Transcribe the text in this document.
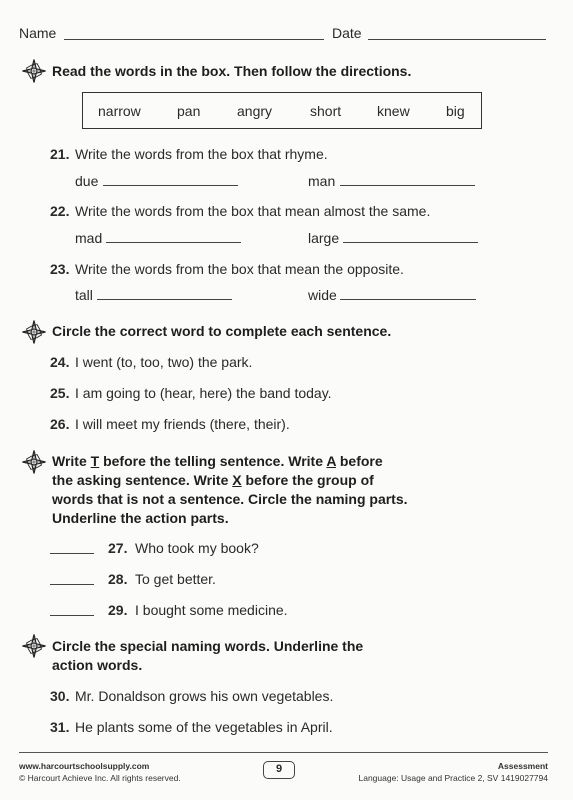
Name	Date
Read the words in the box. Then follow the directions.
narrow	pan	angry	short	knew	big
21. Write the words from the box that rhyme.
due	man
22. Write the words from the box that mean almost the same.
mad	large
23. Write the words from the box that mean the opposite.
tall	wide
Circle the correct word to complete each sentence.
24. I went (to, too, two) the park.
25. I am going to (hear, here) the band today.
26. I will meet my friends (there, their).
Write T before the telling sentence. Write A before
the asking sentence. Write X before the group of
words that is not a sentence. Circle the naming parts.
Underline the action parts.
27. Who took my book?
28. To get better.
29. I bought some medicine.
Circle the special naming words. Underline the
action words.
30. Mr. Donaldson grows his own vegetables.
31. He plants some of the vegetables in April.
www.harcourtschoolsupply.com
© Harcourt Achieve Inc. All rights reserved.
9	Assessment
Language: Usage and Practice 2, SV 1419027794
